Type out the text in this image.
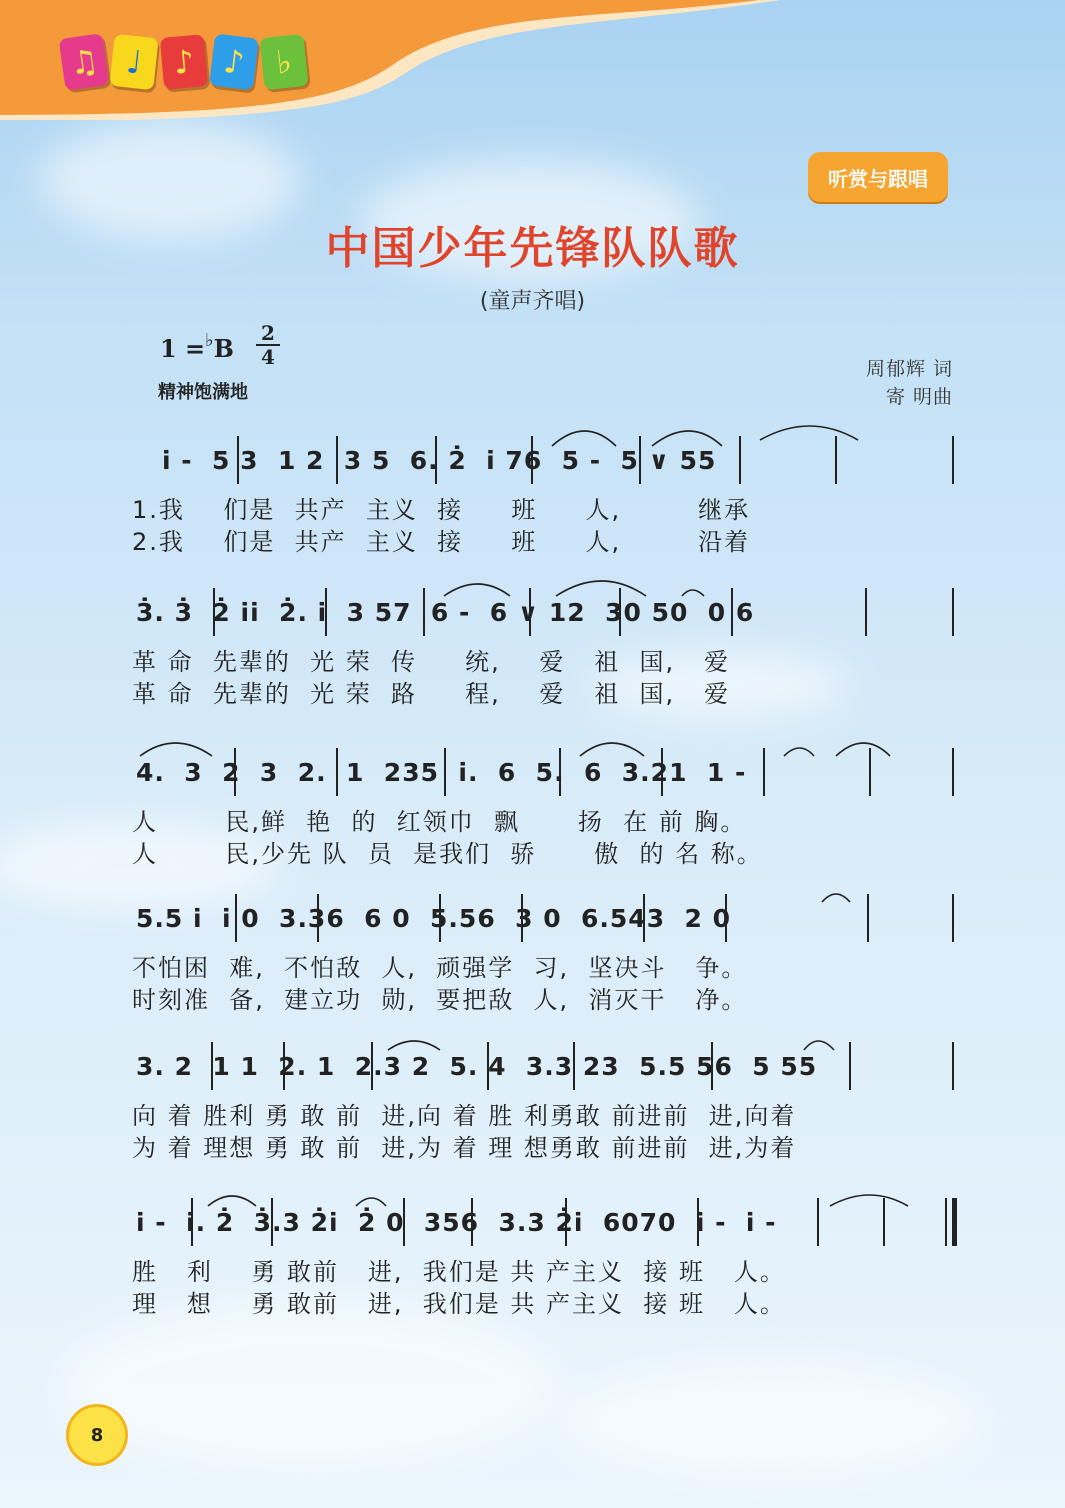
♫ ♩ ♪ ♪ ♭
听赏与跟唱
中国少年先锋队队歌
(童声齐唱)
1 =♭B
2
4
精神饱满地
周郁辉 词
寄 明曲
i̇ -  5 3  1 2  3 5  6. 2̇  i̇ 76  5 -  5 ∨ 55
1.我    们是  共产  主义  接     班     人,        继承
2.我    们是  共产  主义  接     班     人,        沿着
3̇. 3̇  2̇ i̇i̇  2̇. i̇  3 57  6 -  6 ∨ 12  30 50  0 6
革 命  先辈的  光 荣  传     统,    爱   祖  国,   爱
革 命  先辈的  光 荣  路     程,    爱   祖  国,   爱
4.  3  2  3  2.  1  235  i̇.  6  5.  6  3.21  1 -
人       民,鲜  艳  的  红领巾  飘      扬  在 前 胸。
人       民,少先 队  员  是我们  骄      傲  的 名 称。
5.5 i̇  i̇ 0  3.36  6 0  5.56  3 0  6.543  2 0
不怕困  难,  不怕敌  人,  顽强学  习,  坚决斗   争。
时刻准  备,  建立功  勋,  要把敌  人,  消灭干   净。
3. 2  1 1  2. 1  2.3 2  5. 4  3.3 23  5.5 56  5 55
向 着 胜利 勇 敢 前  进,向 着 胜 利勇敢 前进前  进,向着
为 着 理想 勇 敢 前  进,为 着 理 想勇敢 前进前  进,为着
i̇ -  i̇. 2̇  3̇.3 2̇i̇  2̇ 0  356  3.3 2̇i̇  6070  i̇ -  i̇ -
胜   利    勇 敢前   进,  我们是 共 产主义  接 班   人。
理   想    勇 敢前   进,  我们是 共 产主义  接 班   人。
8
